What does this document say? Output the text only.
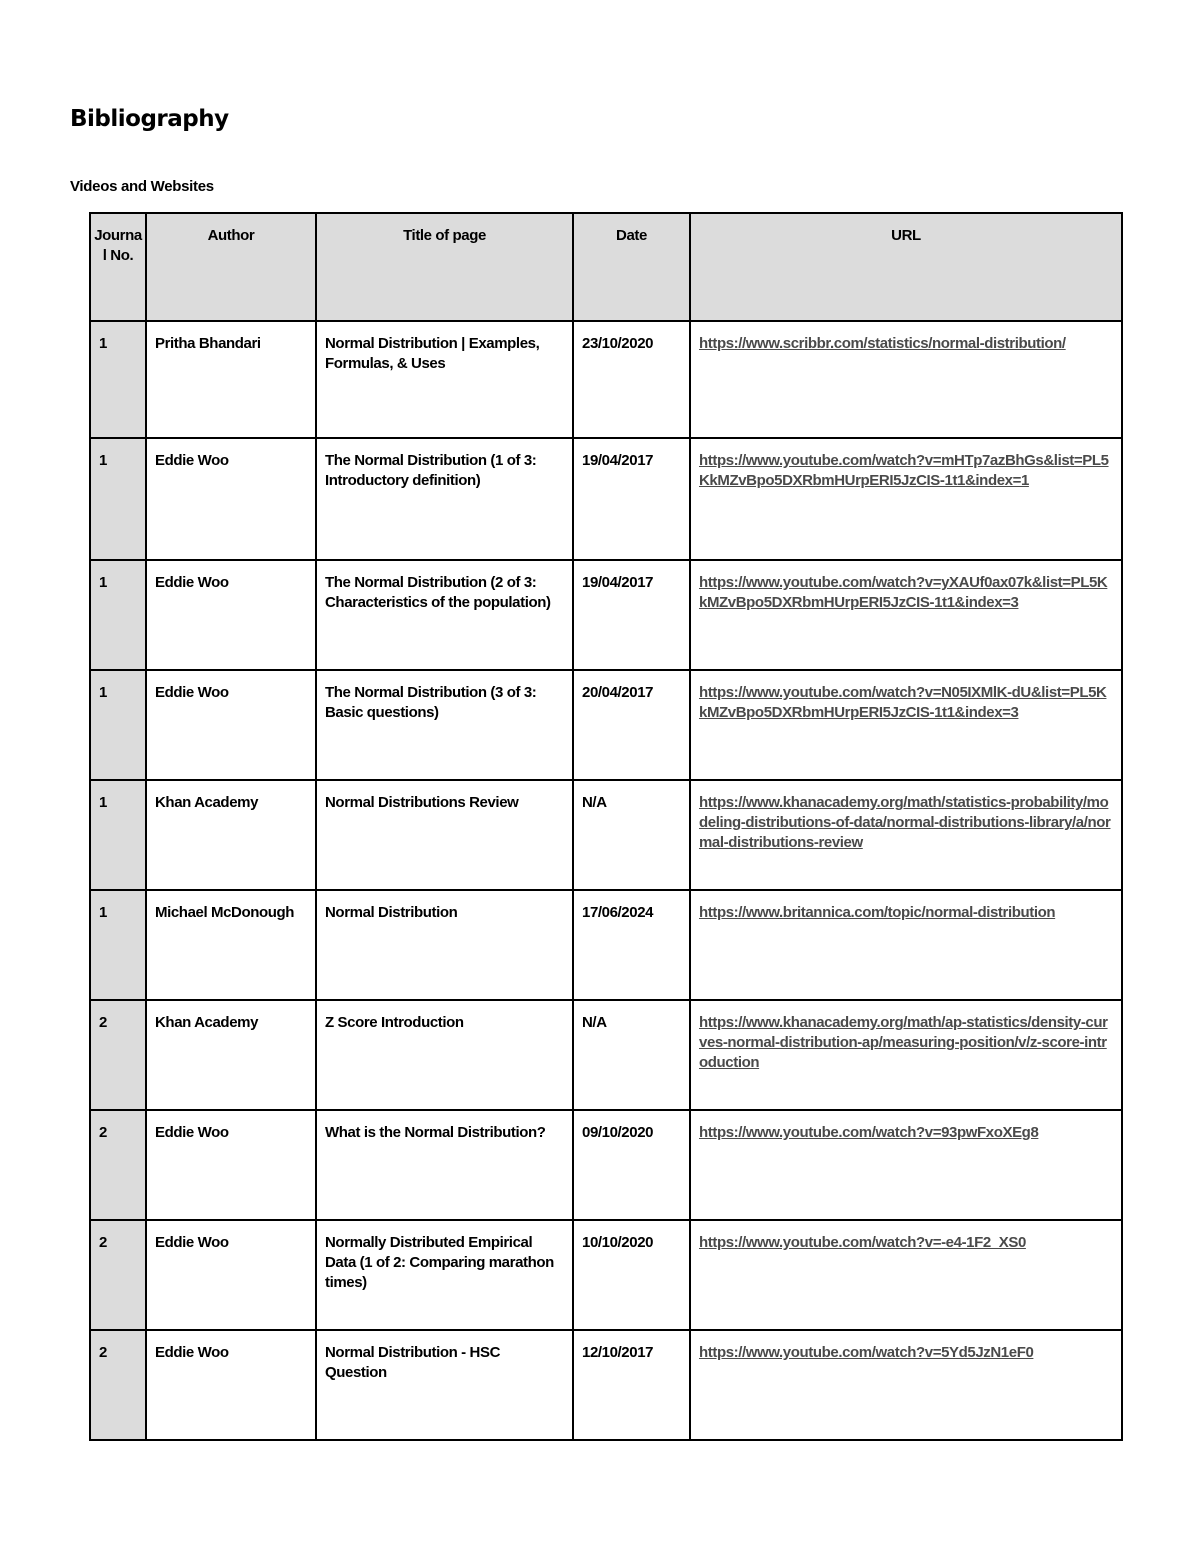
Bibliography
Videos and Websites
Journal No.	Author	Title of page	Date	URL
1	Pritha Bhandari	Normal Distribution | Examples, Formulas, & Uses	23/10/2020	https://www.scribbr.com/statistics/normal-distribution/
1	Eddie Woo	The Normal Distribution (1 of 3: Introductory definition)	19/04/2017	https://www.youtube.com/watch?v=mHTp7azBhGs&list=PL5KkMZvBpo5DXRbmHUrpERI5JzCIS-1t1&index=1
1	Eddie Woo	The Normal Distribution (2 of 3: Characteristics of the population)	19/04/2017	https://www.youtube.com/watch?v=yXAUf0ax07k&list=PL5KkMZvBpo5DXRbmHUrpERI5JzCIS-1t1&index=3
1	Eddie Woo	The Normal Distribution (3 of 3: Basic questions)	20/04/2017	https://www.youtube.com/watch?v=N05IXMlK-dU&list=PL5KkMZvBpo5DXRbmHUrpERI5JzCIS-1t1&index=3
1	Khan Academy	Normal Distributions Review	N/A	https://www.khanacademy.org/math/statistics-probability/modeling-distributions-of-data/normal-distributions-library/a/normal-distributions-review
1	Michael McDonough	Normal Distribution	17/06/2024	https://www.britannica.com/topic/normal-distribution
2	Khan Academy	Z Score Introduction	N/A	https://www.khanacademy.org/math/ap-statistics/density-curves-normal-distribution-ap/measuring-position/v/z-score-introduction
2	Eddie Woo	What is the Normal Distribution?	09/10/2020	https://www.youtube.com/watch?v=93pwFxoXEg8
2	Eddie Woo	Normally Distributed Empirical Data (1 of 2: Comparing marathon times)	10/10/2020	https://www.youtube.com/watch?v=-e4-1F2_XS0
2	Eddie Woo	Normal Distribution - HSC Question	12/10/2017	https://www.youtube.com/watch?v=5Yd5JzN1eF0
